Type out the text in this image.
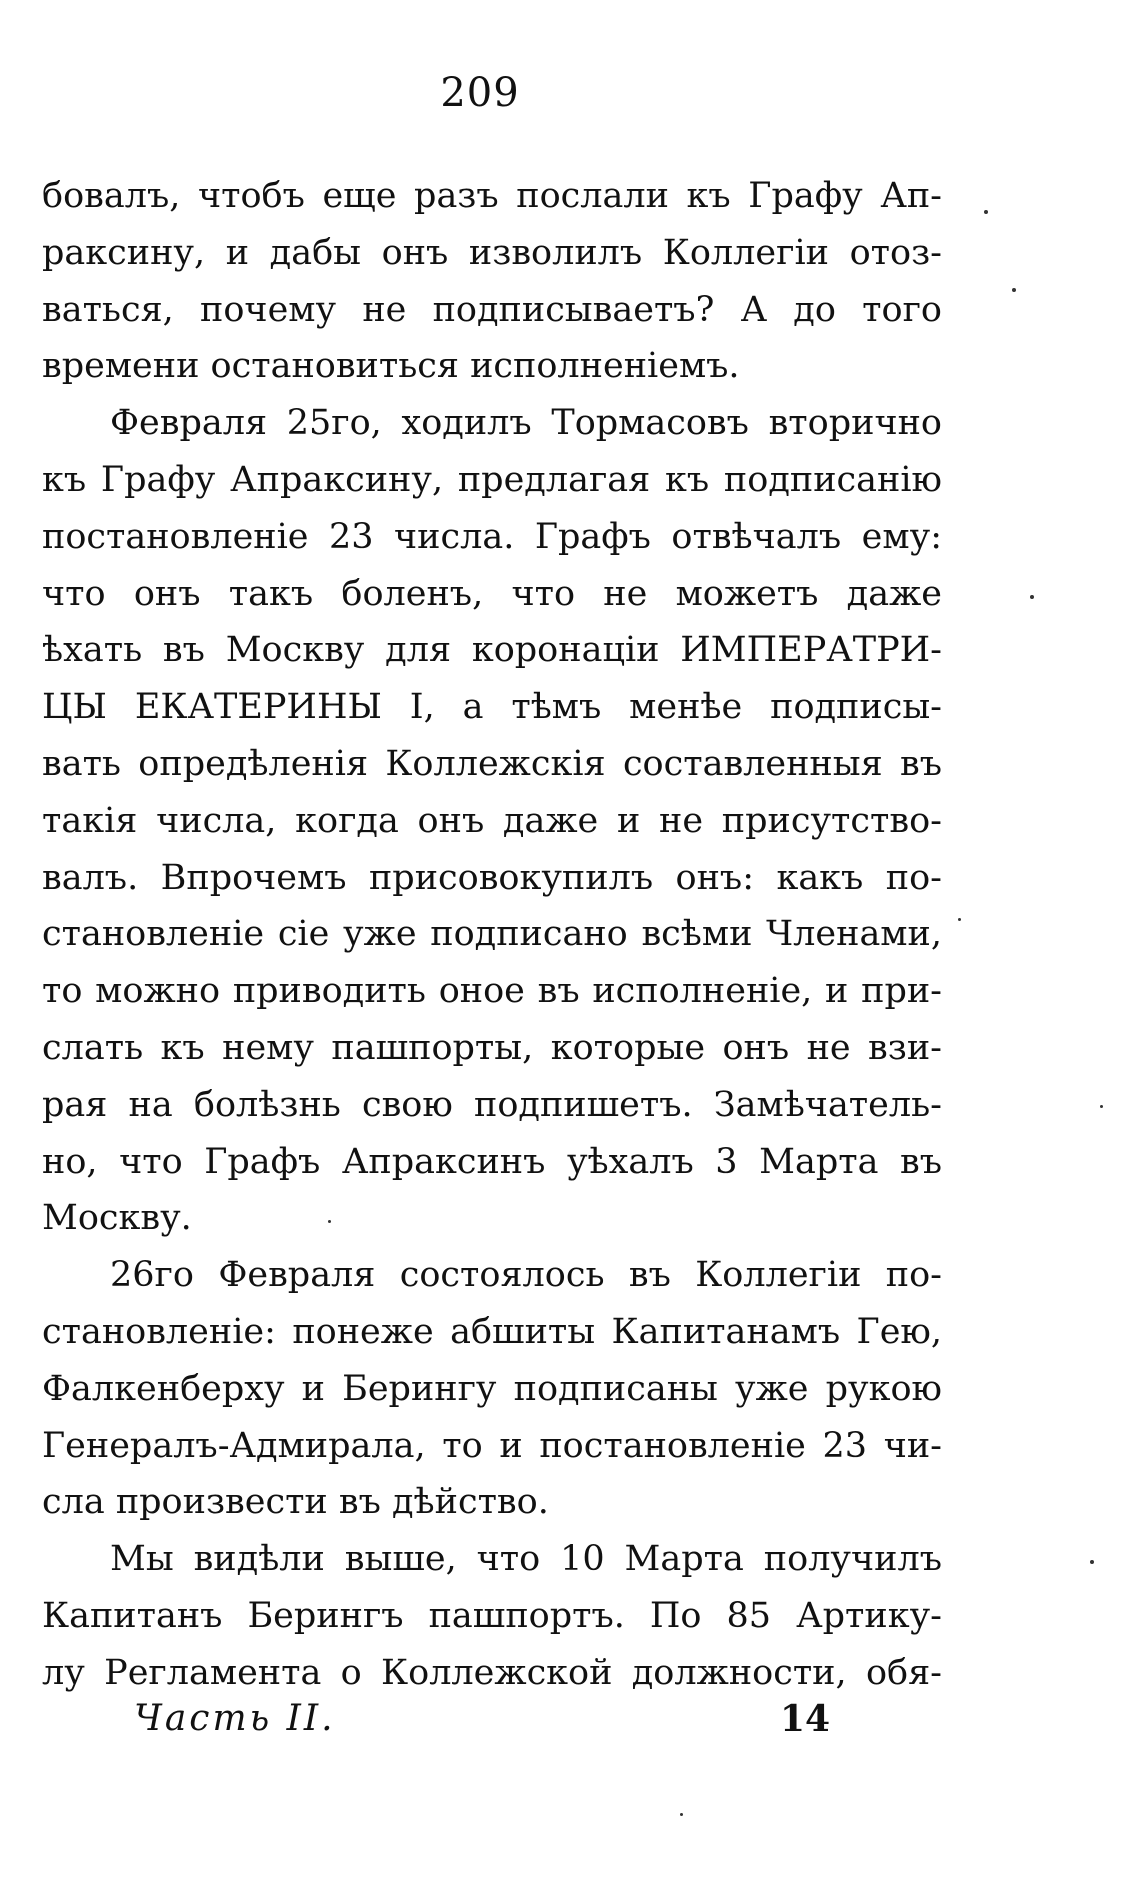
209
бовалъ, чтобъ еще разъ послали къ Графу Ап-
раксину, и дабы онъ изволилъ Коллегіи отоз-
ваться, почему не подписываетъ? А до того
времени остановиться исполненіемъ.
Февраля 25го, ходилъ Тормасовъ вторично
къ Графу Апраксину, предлагая къ подписанію
постановленіе 23 числа. Графъ отвѣчалъ ему:
что онъ такъ боленъ, что не можетъ даже
ѣхать въ Москву для коронаціи ИМПЕРАТРИ-
ЦЫ ЕКАТЕРИНЫ I, а тѣмъ менѣе подписы-
вать опредѣленія Коллежскія составленныя въ
такія числа, когда онъ даже и не присутство-
валъ. Впрочемъ присовокупилъ онъ: какъ по-
становленіе сіе уже подписано всѣми Членами,
то можно приводить оное въ исполненіе, и при-
слать къ нему пашпорты, которые онъ не взи-
рая на болѣзнь свою подпишетъ. Замѣчатель-
но, что Графъ Апраксинъ уѣхалъ 3 Марта въ
Москву.
26го Февраля состоялось въ Коллегіи по-
становленіе: понеже абшиты Капитанамъ Гею,
Фалкенберху и Берингу подписаны уже рукою
Генералъ-Адмирала, то и постановленіе 23 чи-
сла произвести въ дѣйство.
Мы видѣли выше, что 10 Марта получилъ
Капитанъ Берингъ пашпортъ. По 85 Артику-
лу Регламента о Коллежской должности, обя-
Часть II.	14
